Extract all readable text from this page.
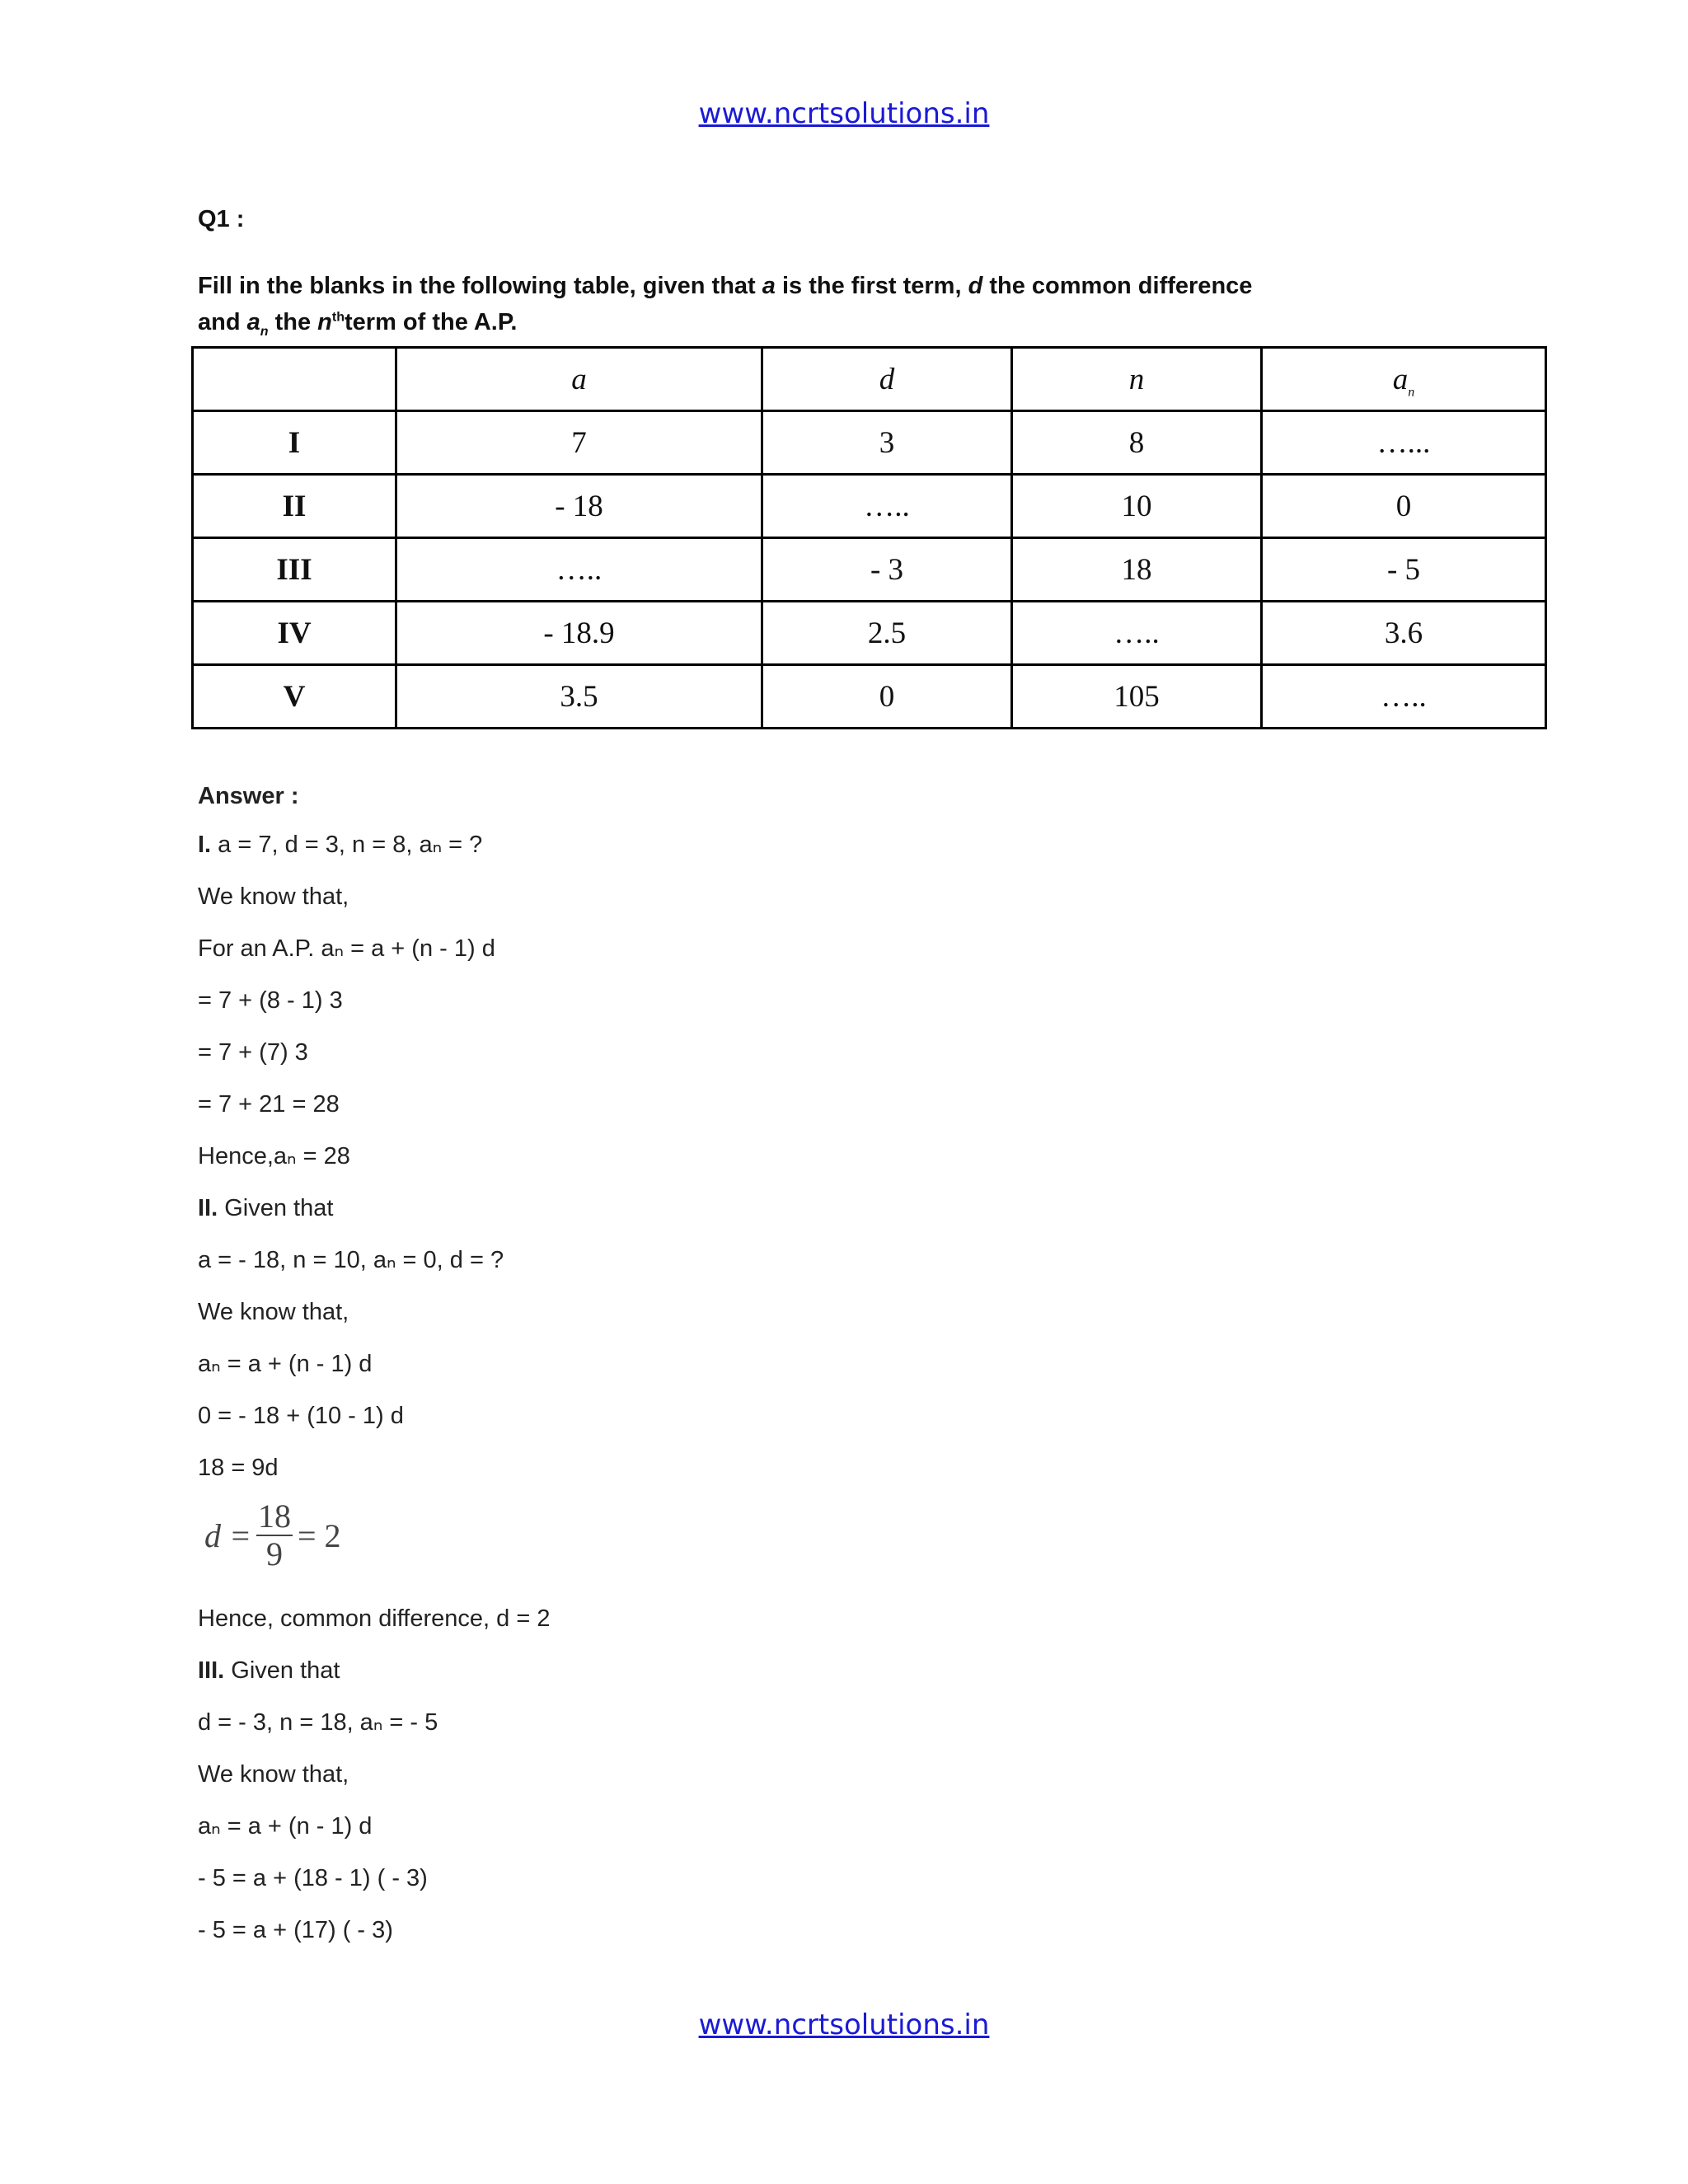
www.ncrtsolutions.in
Q1 :
Fill in the blanks in the following table, given that a is the first term, d the common difference
and $a_n$ the $n^{th}term$ of the A.P.
	a	d	n	$a_n$
I	7	3	8	…...
II	- 18	…..	10	0
III	…..	- 3	18	- 5
IV	- 18.9	2.5	…..	3.6
V	3.5	0	105	…..
Answer :
I. a = 7, d = 3, n = 8, aₙ = ?
We know that,
For an A.P. aₙ = a + (n - 1) d
= 7 + (8 - 1) 3
= 7 + (7) 3
= 7 + 21 = 28
Hence,aₙ = 28
II. Given that
a = - 18, n = 10, aₙ = 0, d = ?
We know that,
aₙ = a + (n - 1) d
0 = - 18 + (10 - 1) d
18 = 9d
$d = \frac{18}{9} = 2$
Hence, common difference, d = 2
III. Given that
d = - 3, n = 18, aₙ = - 5
We know that,
aₙ = a + (n - 1) d
- 5 = a + (18 - 1) ( - 3)
- 5 = a + (17) ( - 3)
www.ncrtsolutions.in
